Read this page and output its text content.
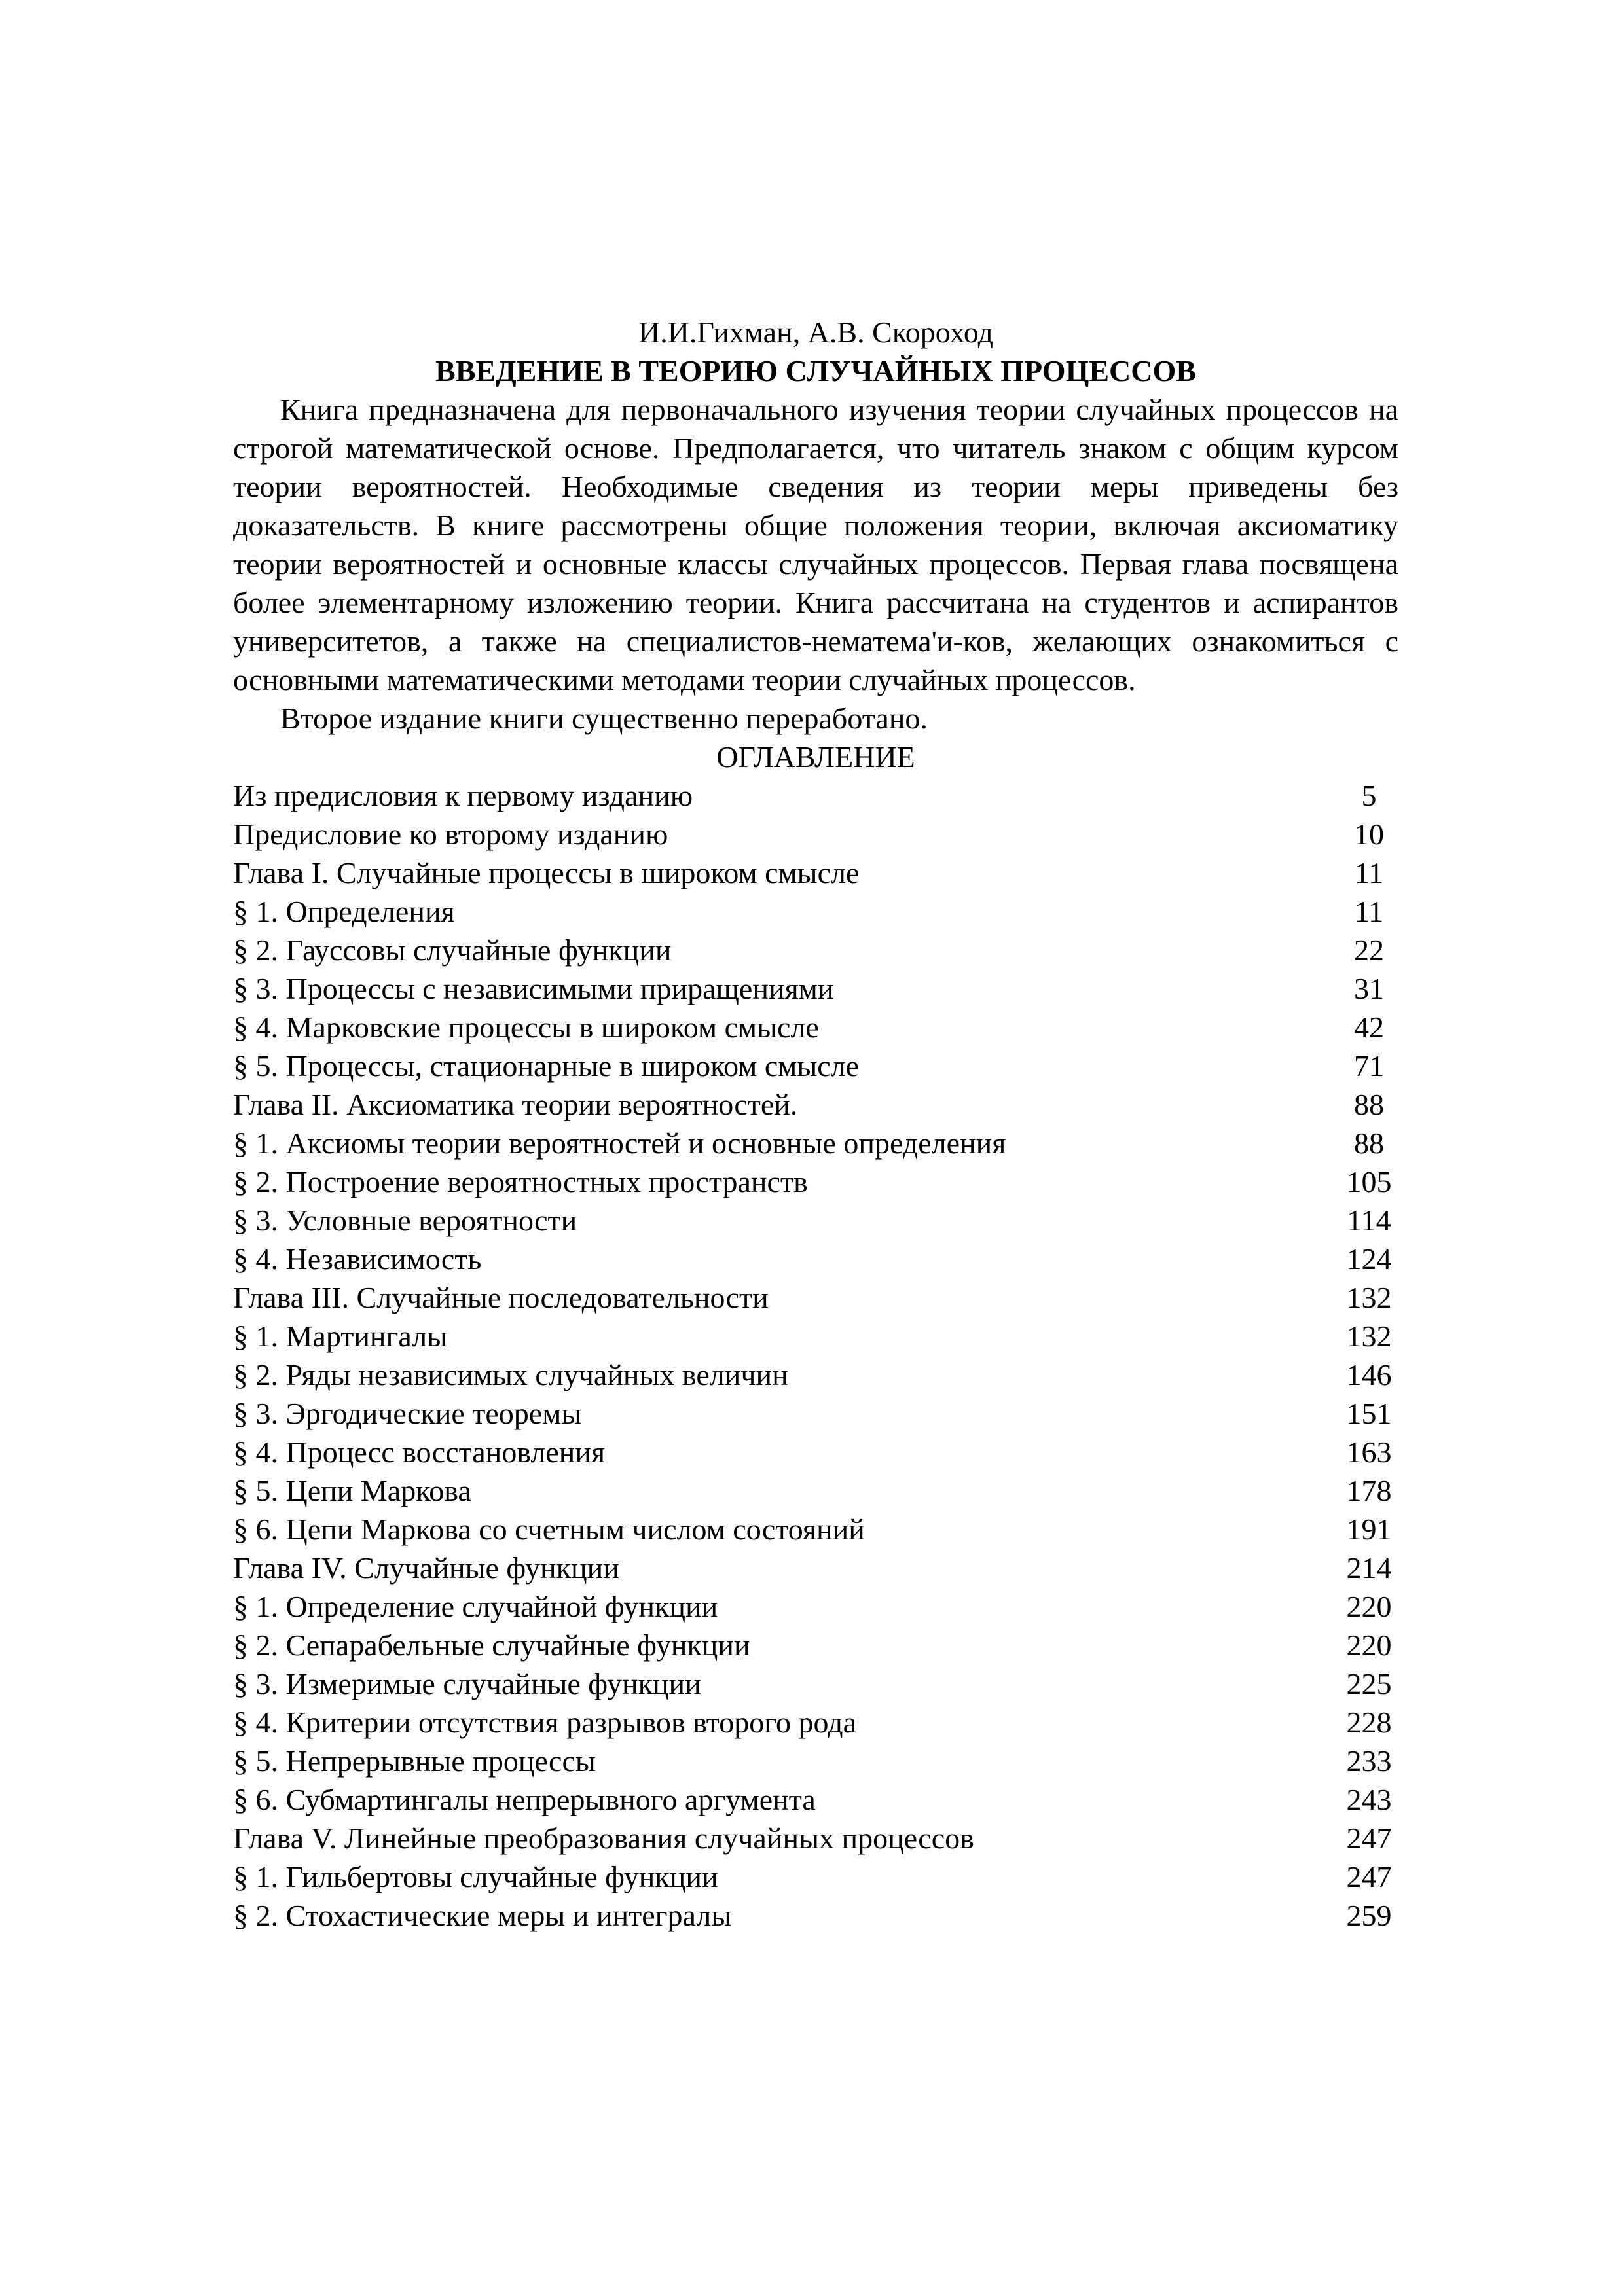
И.И.Гихман, А.В. Скороход

ВВЕДЕНИЕ В ТЕОРИЮ СЛУЧАЙНЫХ ПРОЦЕССОВ

Книга предназначена для первоначального изучения теории случайных процессов на строгой математической основе. Предполагается, что читатель знаком с общим курсом теории вероятностей. Необходимые сведения из теории меры приведены без доказательств. В книге рассмотрены общие положения теории, включая аксиоматику теории вероятностей и основные классы случайных процессов. Первая глава посвящена более элементарному изложению теории. Книга рассчитана на студентов и аспирантов университетов, а также на специалистов-нематема'и-ков, желающих ознакомиться с основными математическими методами теории случайных процессов.

Второе издание книги существенно переработано.

ОГЛАВЛЕНИЕ
Из предисловия к первому изданию	5
Предисловие ко второму изданию	10
Глава I. Случайные процессы в широком смысле	11
§ 1. Определения	11
§ 2. Гауссовы случайные функции	22
§ 3. Процессы с независимыми приращениями	31
§ 4. Марковские процессы в широком смысле	42
§ 5. Процессы, стационарные в широком смысле	71
Глава II. Аксиоматика теории вероятностей.	88
§ 1. Аксиомы теории вероятностей и основные определения	88
§ 2. Построение вероятностных пространств	105
§ 3. Условные вероятности	114
§ 4. Независимость	124
Глава III. Случайные последовательности	132
§ 1. Мартингалы	132
§ 2. Ряды независимых случайных величин	146
§ 3. Эргодические теоремы	151
§ 4. Процесс восстановления	163
§ 5. Цепи Маркова	178
§ 6. Цепи Маркова со счетным числом состояний	191
Глава IV. Случайные функции	214
§ 1. Определение случайной функции	220
§ 2. Сепарабельные случайные функции	220
§ 3. Измеримые случайные функции	225
§ 4. Критерии отсутствия разрывов второго рода	228
§ 5. Непрерывные процессы	233
§ 6. Субмартингалы непрерывного аргумента	243
Глава V. Линейные преобразования случайных процессов	247
§ 1. Гильбертовы случайные функции	247
§ 2. Стохастические меры и интегралы	259
